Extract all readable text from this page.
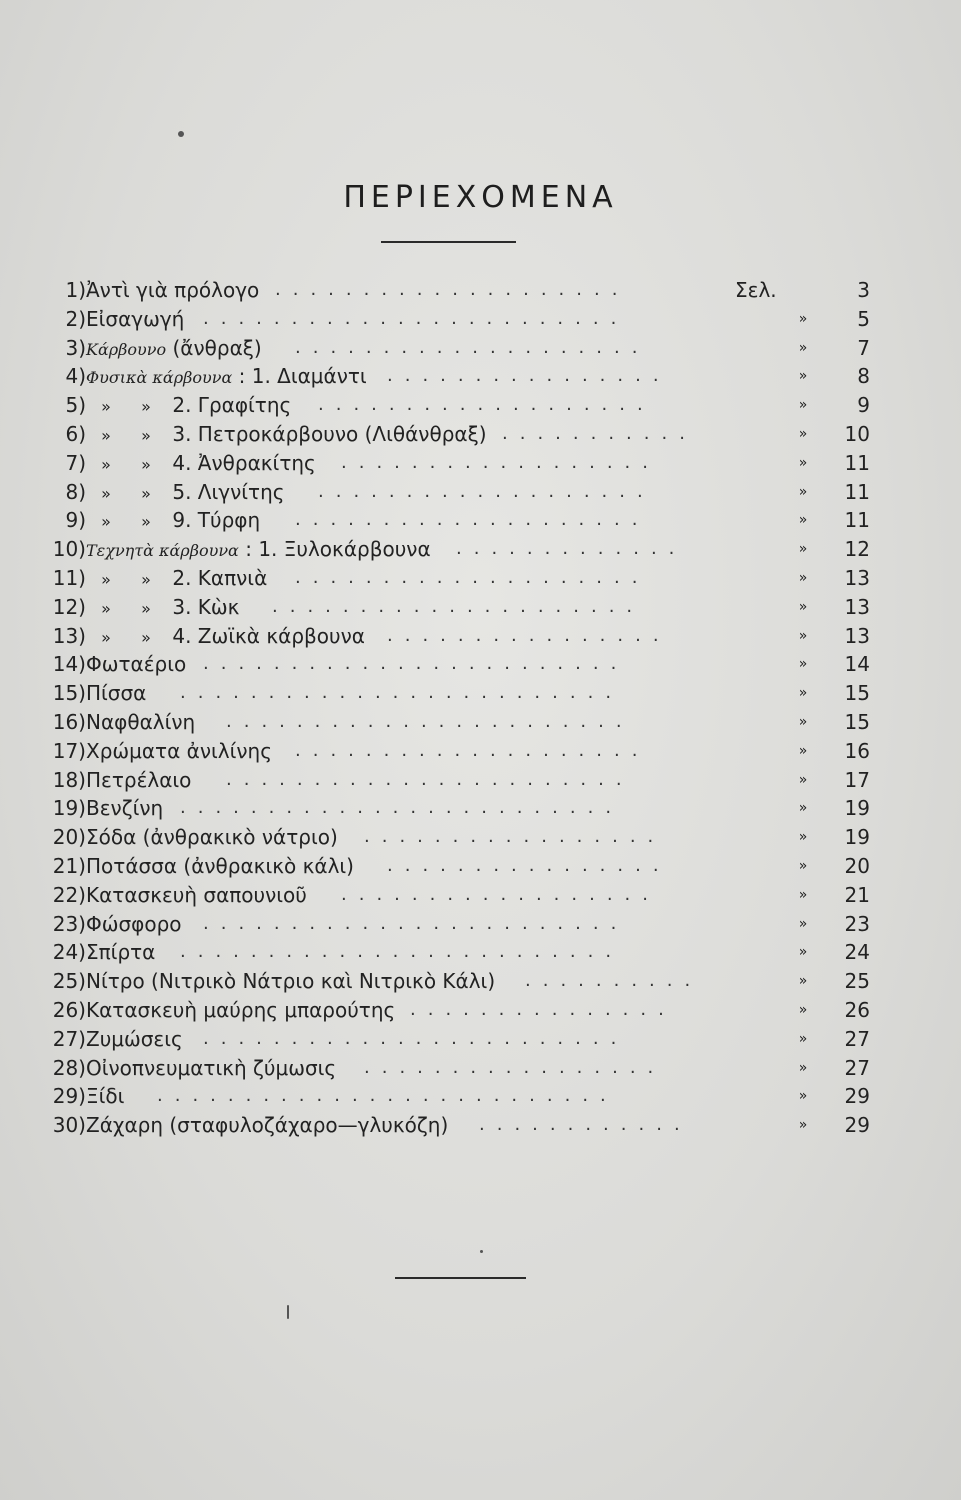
ΠΕΡΙΕΧΟΜΕΝΑ
1) Ἀντὶ γιὰ πρόλογο ....................	Σελ.	3
2) Εἰσαγωγή ........................	»	5
3) Κάρβουνο (ἄνθραξ) ....................	»	7
4) Φυσικὰ κάρβουνα : 1. Διαμάντι ................	»	8
5) » » 2. Γραφίτης ...................	»	9
6) » » 3. Πετροκάρβουνο (Λιθάνθραξ) ...........	»	10
7) » » 4. Ἀνθρακίτης ..................	»	11
8) » » 5. Λιγνίτης ...................	»	11
9) » » 9. Τύρφη ....................	»	11
10) Τεχνητὰ κάρβουνα : 1. Ξυλοκάρβουνα .............	»	12
11) » » 2. Καπνιὰ ....................	»	13
12) » » 3. Κὼκ .....................	»	13
13) » » 4. Ζωϊκὰ κάρβουνα ................	»	13
14) Φωταέριο ........................	»	14
15) Πίσσα .........................	»	15
16) Ναφθαλίνη .......................	»	15
17) Χρώματα ἀνιλίνης ....................	»	16
18) Πετρέλαιο .......................	»	17
19) Βενζίνη .........................	»	19
20) Σόδα (ἀνθρακικὸ νάτριο) .................	»	19
21) Ποτάσσα (ἀνθρακικὸ κάλι) ................	»	20
22) Κατασκευὴ σαπουνιοῦ ..................	»	21
23) Φώσφορο ........................	»	23
24) Σπίρτα .........................	»	24
25) Νίτρο (Νιτρικὸ Νάτριο καὶ Νιτρικὸ Κάλι) ..........	»	25
26) Κατασκευὴ μαύρης μπαρούτης ...............	»	26
27) Ζυμώσεις ........................	»	27
28) Οἰνοπνευματικὴ ζύμωσις .................	»	27
29) Ξίδι ..........................	»	29
30) Ζάχαρη (σταφυλοζάχαρο—γλυκόζη) ............	»	29
